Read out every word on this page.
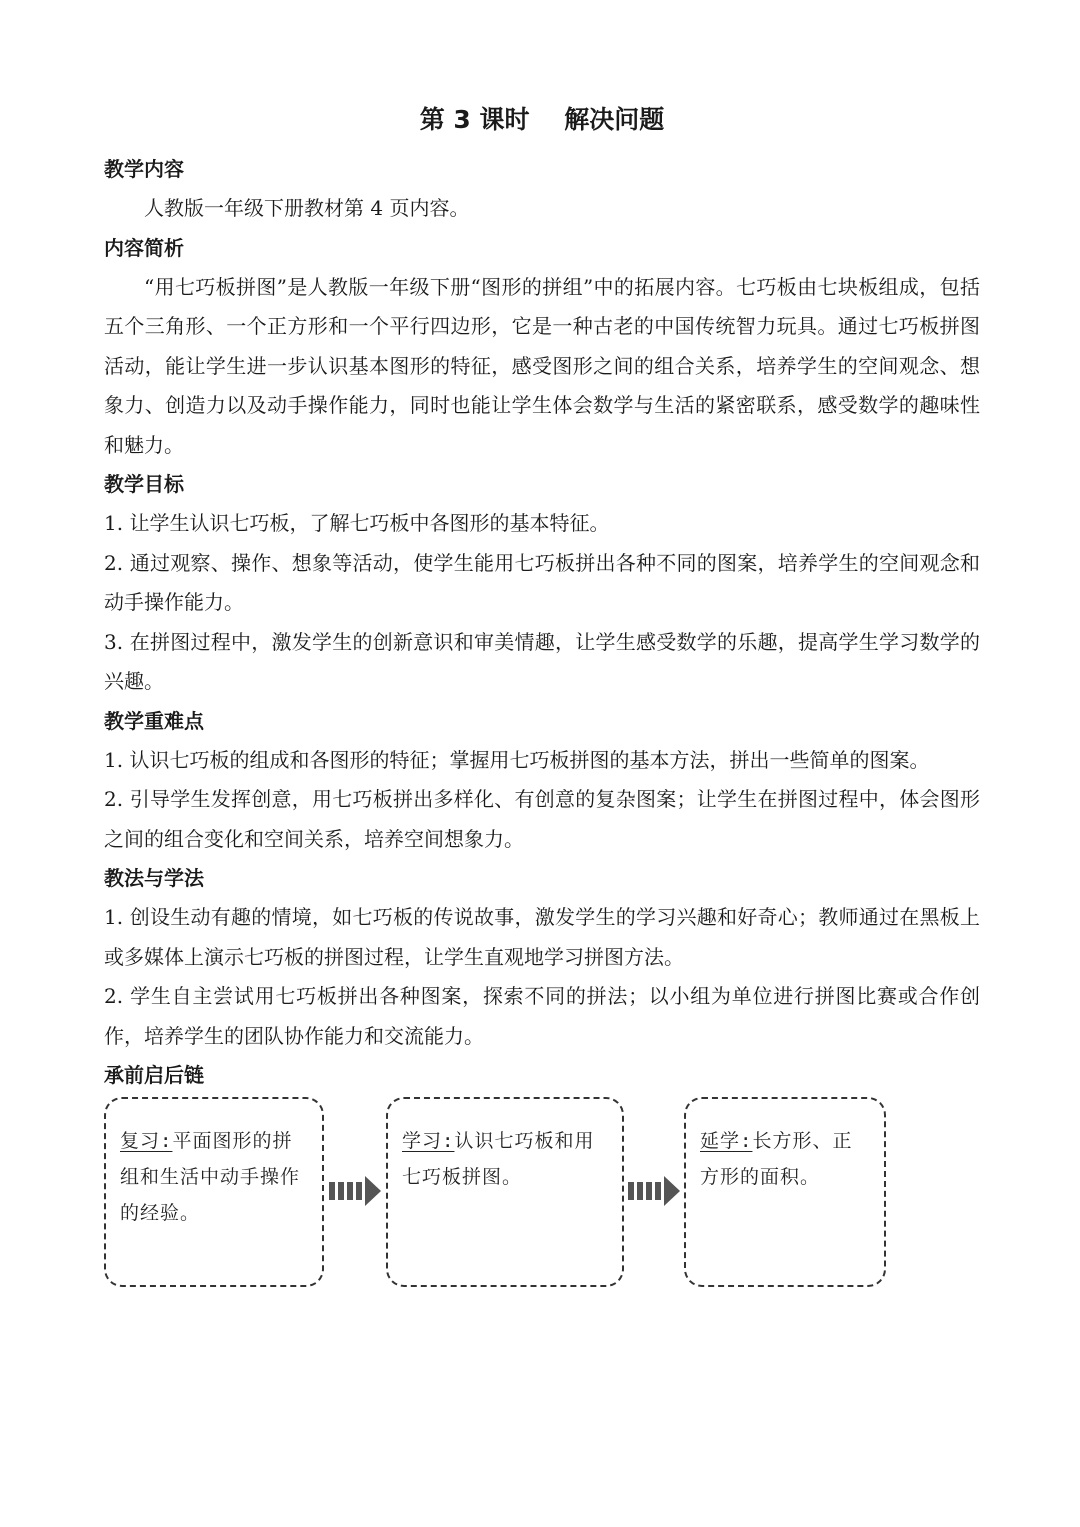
第 3 课时    解决问题
教学内容

人教版一年级下册教材第 4 页内容。

内容简析

“用七巧板拼图”是人教版一年级下册“图形的拼组”中的拓展内容。七巧板由七块板组成，包括五个三角形、一个正方形和一个平行四边形，它是一种古老的中国传统智力玩具。通过七巧板拼图活动，能让学生进一步认识基本图形的特征，感受图形之间的组合关系，培养学生的空间观念、想象力、创造力以及动手操作能力，同时也能让学生体会数学与生活的紧密联系，感受数学的趣味性和魅力。

教学目标

1. 让学生认识七巧板，了解七巧板中各图形的基本特征。

2. 通过观察、操作、想象等活动，使学生能用七巧板拼出各种不同的图案，培养学生的空间观念和动手操作能力。

3. 在拼图过程中，激发学生的创新意识和审美情趣，让学生感受数学的乐趣，提高学生学习数学的兴趣。

教学重难点

1. 认识七巧板的组成和各图形的特征；掌握用七巧板拼图的基本方法，拼出一些简单的图案。

2. 引导学生发挥创意，用七巧板拼出多样化、有创意的复杂图案；让学生在拼图过程中，体会图形之间的组合变化和空间关系，培养空间想象力。

教法与学法

1. 创设生动有趣的情境，如七巧板的传说故事，激发学生的学习兴趣和好奇心；教师通过在黑板上或多媒体上演示七巧板的拼图过程，让学生直观地学习拼图方法。

2. 学生自主尝试用七巧板拼出各种图案，探索不同的拼法；以小组为单位进行拼图比赛或合作创作，培养学生的团队协作能力和交流能力。

承前启后链
复习:平面图形的拼组和生活中动手操作的经验。
学习:认识七巧板和用七巧板拼图。
延学:长方形、正方形的面积。
